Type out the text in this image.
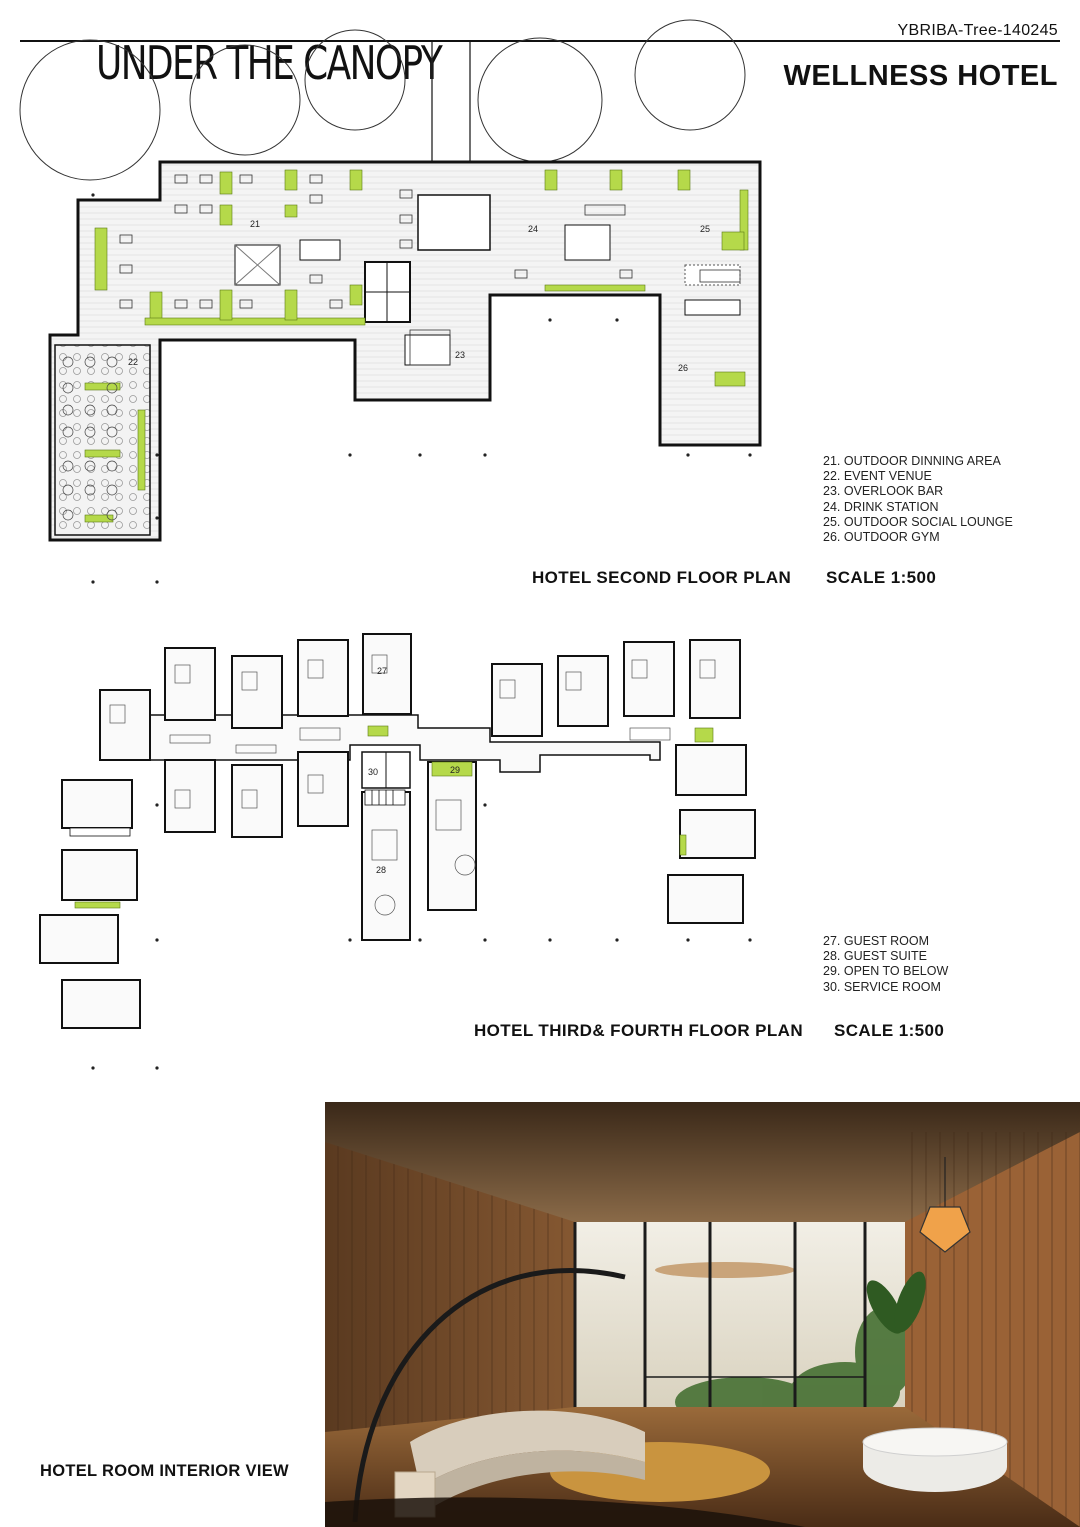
YBRIBA-Tree-140245
UNDER THE CANOPY	WELLNESS HOTEL
21
22
23
24	25
26
27
28
29
30
21. OUTDOOR DINNING AREA
22. EVENT VENUE
23. OVERLOOK BAR
24. DRINK STATION
25. OUTDOOR SOCIAL LOUNGE
26. OUTDOOR GYM
HOTEL SECOND FLOOR PLAN SCALE 1:500
27. GUEST ROOM
28. GUEST SUITE
29. OPEN TO BELOW
30. SERVICE ROOM
HOTEL THIRD& FOURTH FLOOR PLAN SCALE 1:500
HOTEL ROOM INTERIOR VIEW
